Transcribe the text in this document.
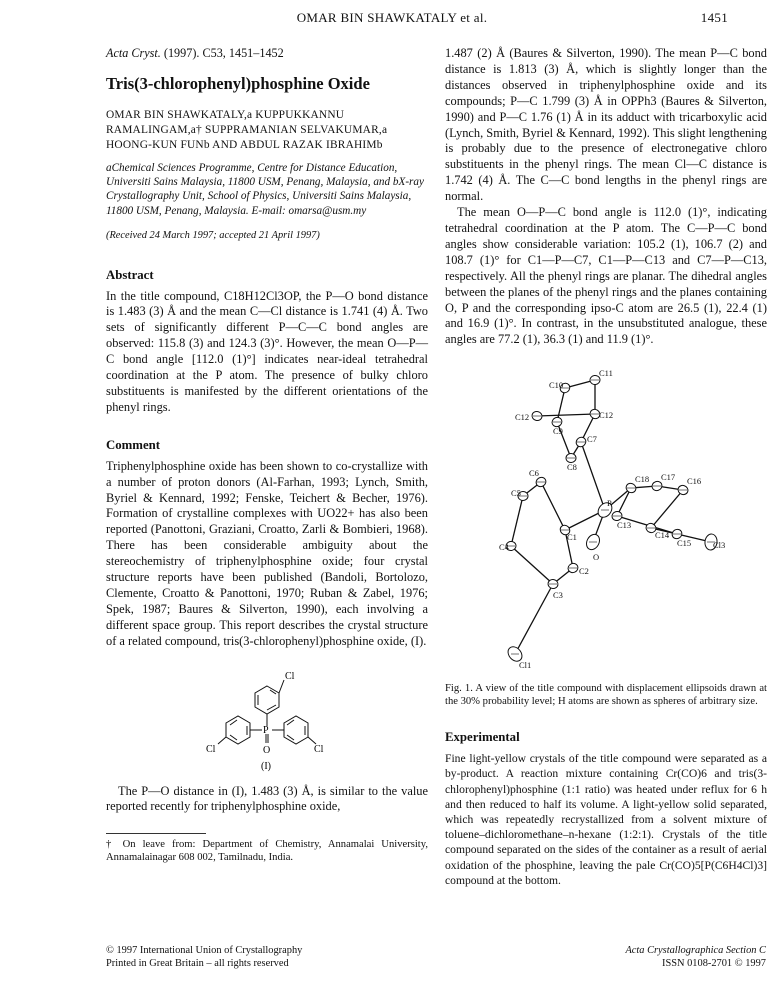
OMAR BIN SHAWKATALY et al.	1451

Acta Cryst. (1997). C53, 1451–1452

Tris(3-chlorophenyl)phosphine Oxide

OMAR BIN SHAWKATALY,a KUPPUKKANNU RAMALINGAM,a† SUPPRAMANIAN SELVAKUMAR,a HOONG-KUN FUNb AND ABDUL RAZAK IBRAHIMb

aChemical Sciences Programme, Centre for Distance Education, Universiti Sains Malaysia, 11800 USM, Penang, Malaysia, and bX-ray Crystallography Unit, School of Physics, Universiti Sains Malaysia, 11800 USM, Penang, Malaysia. E-mail: omarsa@usm.my

(Received 24 March 1997; accepted 21 April 1997)

Abstract

In the title compound, C18H12Cl3OP, the P—O bond distance is 1.483 (3) Å and the mean C—Cl distance is 1.741 (4) Å. Two sets of significantly different P—C—C bond angles are observed: 115.8 (3) and 124.3 (3)°. However, the mean O—P—C bond angle [112.0 (1)°] indicates near-ideal tetrahedral coordination at the P atom. The presence of bulky chloro substituents is manifested by the different orientations of the phenyl rings.

Comment

Triphenylphosphine oxide has been shown to co-crystallize with a number of proton donors (Al-Farhan, 1993; Lynch, Smith, Byriel & Kennard, 1992; Fenske, Teichert & Becher, 1976). Formation of crystalline complexes with UO22+ has also been reported (Panottoni, Graziani, Croatto, Zarli & Bombieri, 1968). There has been considerable ambiguity about the stereochemistry of triphenylphosphine oxide; four crystal structure reports have been published (Bandoli, Bortolozo, Clemente, Croatto & Panottoni, 1970; Ruban & Zabel, 1976; Spek, 1987; Baures & Silverton, 1990), each involving a different space group. This report describes the crystal structure of a related compound, tris(3-chlorophenyl)phosphine oxide, (I).

Cl
P
O
Cl	Cl
(I)

The P—O distance in (I), 1.483 (3) Å, is similar to the value reported recently for triphenylphosphine oxide,

† On leave from: Department of Chemistry, Annamalai University, Annamalainagar 608 002, Tamilnadu, India.

1.487 (2) Å (Baures & Silverton, 1990). The mean P—C bond distance is 1.813 (3) Å, which is slightly longer than the distances observed in triphenylphosphine oxide and its compounds; P—C 1.799 (3) Å in OPPh3 (Baures & Silverton, 1990) and P—C 1.76 (1) Å in its adduct with tricarboxylic acid (Lynch, Smith, Byriel & Kennard, 1992). This slight lengthening is probably due to the presence of electronegative chloro substituents in the phenyl rings. The mean Cl—C distance is 1.742 (4) Å. The C—C bond lengths in the phenyl rings are normal.

The mean O—P—C bond angle is 112.0 (1)°, indicating tetrahedral coordination at the P atom. The C—P—C bond angles show considerable variation: 105.2 (1), 106.7 (2) and 108.7 (1)° for C1—P—C7, C1—P—C13 and C7—P—C13, respectively. All the phenyl rings are planar. The dihedral angles between the planes of the phenyl rings and the planes containing O, P and the corresponding ipso-C atom are 26.5 (1), 22.4 (1) and 16.9 (1)°. In contrast, in the unsubstituted analogue, these angles are 77.2 (1), 36.3 (1) and 11.9 (1)°.

C10
C11
C12
C9
C12
C7
C8
C18 C17 C16
C6
C5
P
C13
C14
C15	Cl3
C1
C4
O
C2
C3
Cl1

Fig. 1. A view of the title compound with displacement ellipsoids drawn at the 30% probability level; H atoms are shown as spheres of arbitrary size.

Experimental

Fine light-yellow crystals of the title compound were separated as a by-product. A reaction mixture containing Cr(CO)6 and tris(3-chlorophenyl)phosphine (1:1 ratio) was heated under reflux for 6 h and then reduced to half its volume. A light-yellow solid separated, which was repeatedly recrystallized from a solvent mixture of toluene–dichloromethane–n-hexane (1:2:1). Crystals of the title compound separated on the sides of the container as a result of aerial oxidation of the phosphine, leaving the pale Cr(CO)5[P(C6H4Cl)3] compound at the bottom.

© 1997 International Union of Crystallography
Printed in Great Britain – all rights reserved
Acta Crystallographica Section C
ISSN 0108-2701 © 1997
